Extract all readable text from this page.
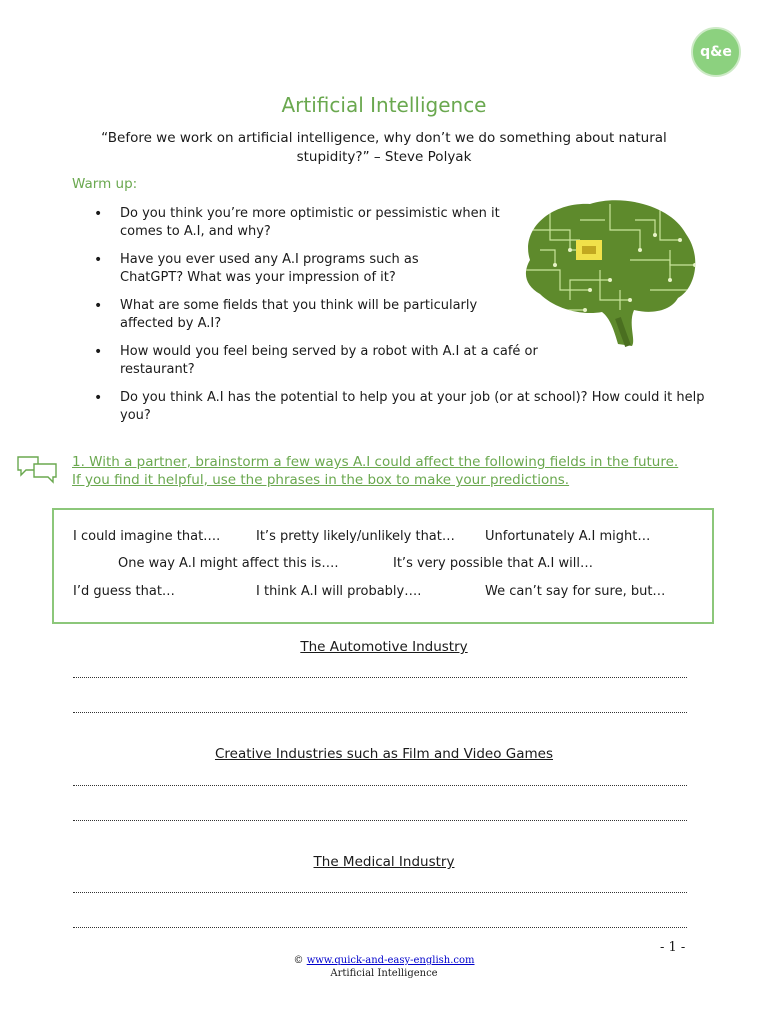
q&e
Artificial Intelligence
“Before we work on artificial intelligence, why don’t we do something about natural stupidity?” – Steve Polyak
Warm up:
• Do you think you’re more optimistic or pessimistic when it comes to A.I, and why?
• Have you ever used any A.I programs such as ChatGPT? What was your impression of it?
• What are some fields that you think will be particularly affected by A.I?
• How would you feel being served by a robot with A.I at a café or restaurant?
• Do you think A.I has the potential to help you at your job (or at school)? How could it help you?
1. With a partner, brainstorm a few ways A.I could affect the following fields in the future.
If you find it helpful, use the phrases in the box to make your predictions.
I could imagine that….	It’s pretty likely/unlikely that… Unfortunately A.I might…
One way A.I might affect this is….	It’s very possible that A.I will…
I’d guess that…	I think A.I will probably….	We can’t say for sure, but…
The Automotive Industry
Creative Industries such as Film and Video Games
The Medical Industry
- 1 -
© www.quick-and-easy-english.com
Artificial Intelligence
